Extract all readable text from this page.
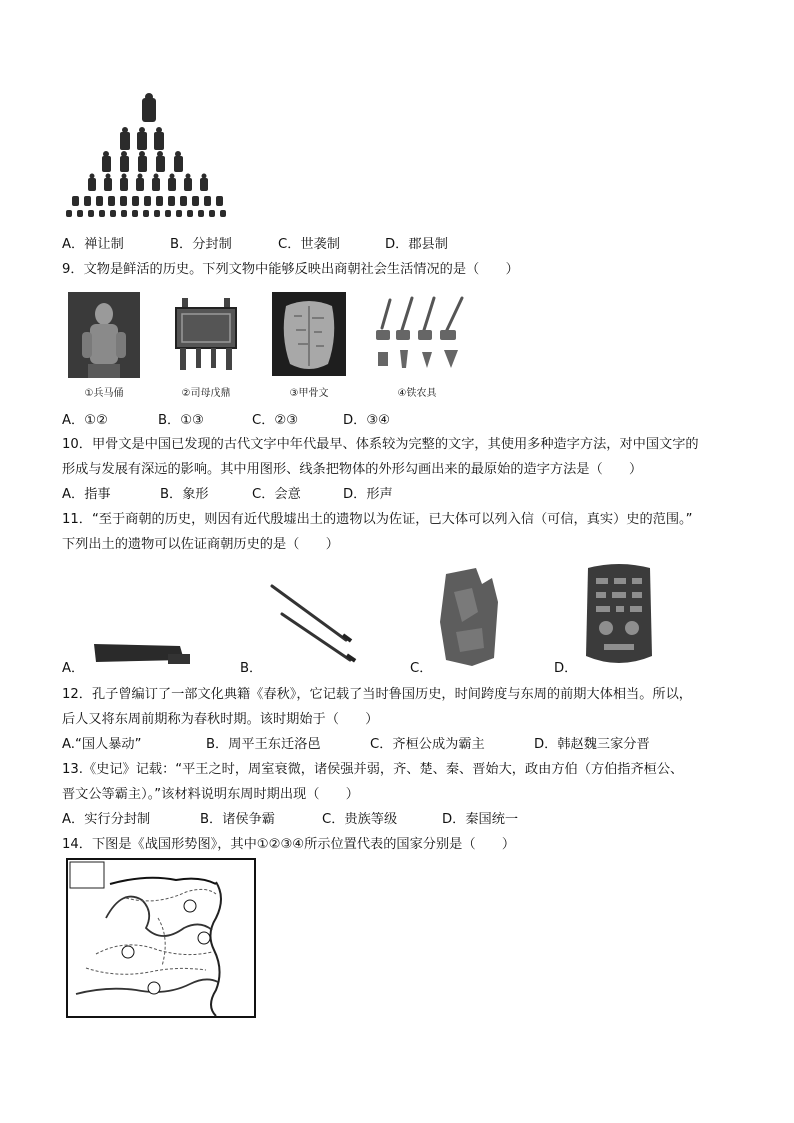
A．禅让制	B．分封制	C．世袭制	D．郡县制
9．文物是鲜活的历史。下列文物中能够反映出商朝社会生活情况的是（　　）
①兵马俑	②司母戊鼎	③甲骨文	④铁农具
A．①②	B．①③	C．②③	D．③④
10．甲骨文是中国已发现的古代文字中年代最早、体系较为完整的文字，其使用多种造字方法，对中国文字的
形成与发展有深远的影响。其中用图形、线条把物体的外形勾画出来的最原始的造字方法是（　　）
A．指事	B．象形	C．会意	D．形声
11．“至于商朝的历史，则因有近代殷墟出土的遗物以为佐证，已大体可以列入信（可信，真实）史的范围。”
下列出土的遗物可以佐证商朝历史的是（　　）
A．	B．	C．	D．
12．孔子曾编订了一部文化典籍《春秋》，它记载了当时鲁国历史，时间跨度与东周的前期大体相当。所以，
后人又将东周前期称为春秋时期。该时期始于（　　）
A.“国人暴动”	B．周平王东迁洛邑	C．齐桓公成为霸主	D．韩赵魏三家分晋
13.《史记》记载：“平王之时，周室衰微，诸侯强并弱，齐、楚、秦、晋始大，政由方伯（方伯指齐桓公、
晋文公等霸主）。”该材料说明东周时期出现（　　）
A．实行分封制	B．诸侯争霸	C．贵族等级	D．秦国统一
14．下图是《战国形势图》，其中①②③④所示位置代表的国家分别是（　　）
